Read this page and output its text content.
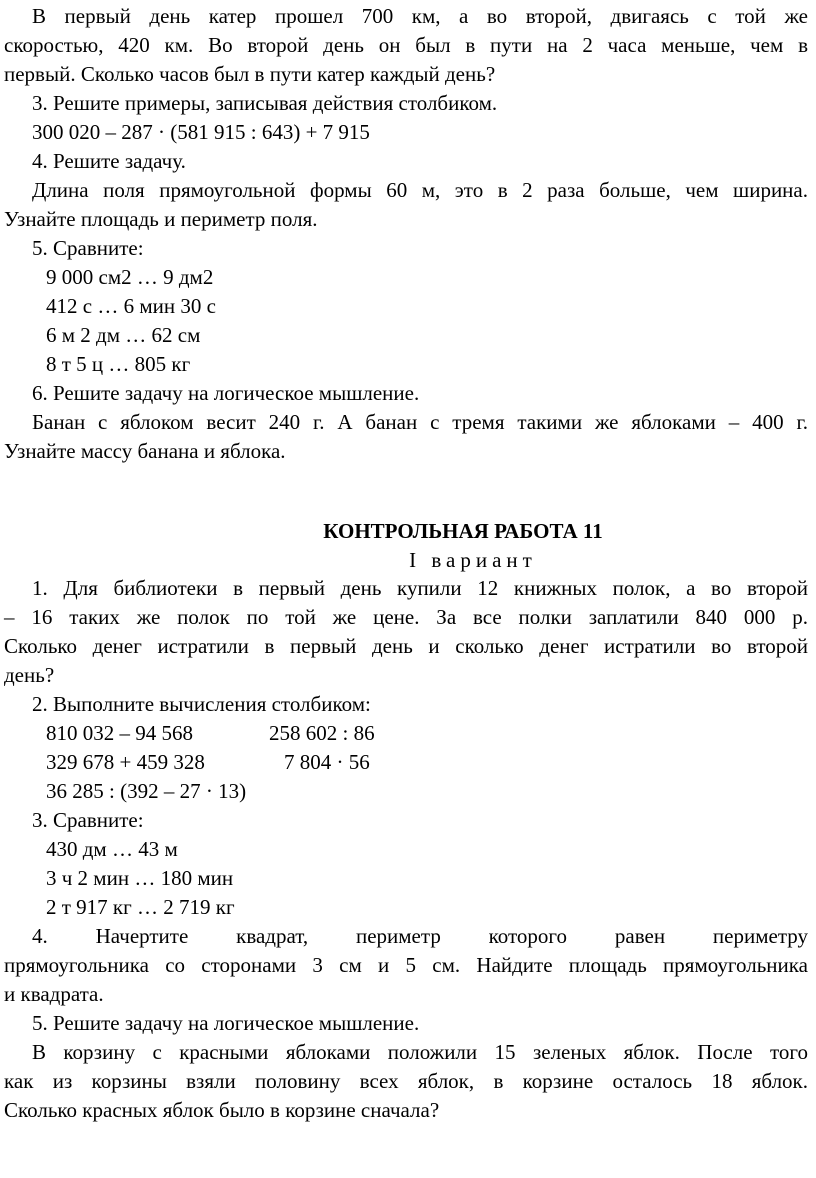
В первый день катер прошел 700 км, а во второй, двигаясь с той же
скоростью, 420 км. Во второй день он был в пути на 2 часа меньше, чем в
первый. Сколько часов был в пути катер каждый день?
3. Решите примеры, записывая действия столбиком.
300 020 – 287 · (581 915 : 643) + 7 915
4. Решите задачу.
Длина поля прямоугольной формы 60 м, это в 2 раза больше, чем ширина.
Узнайте площадь и периметр поля.
5. Сравните:
9 000 см2 … 9 дм2
412 с … 6 мин 30 с
6 м 2 дм … 62 см
8 т 5 ц … 805 кг
6. Решите задачу на логическое мышление.
Банан с яблоком весит 240 г. А банан с тремя такими же яблоками – 400 г.
Узнайте массу банана и яблока.
КОНТРОЛЬНАЯ РАБОТА 11
I вариант
1. Для библиотеки в первый день купили 12 книжных полок, а во второй
– 16 таких же полок по той же цене. За все полки заплатили 840 000 р.
Сколько денег истратили в первый день и сколько денег истратили во второй
день?
2. Выполните вычисления столбиком:
810 032 – 94 568	258 602 : 86
329 678 + 459 328	7 804 · 56
36 285 : (392 – 27 · 13)
3. Сравните:
430 дм … 43 м
3 ч 2 мин … 180 мин
2 т 917 кг … 2 719 кг
4. Начертите квадрат, периметр которого равен периметру
прямоугольника со сторонами 3 см и 5 см. Найдите площадь прямоугольника
и квадрата.
5. Решите задачу на логическое мышление.
В корзину с красными яблоками положили 15 зеленых яблок. После того
как из корзины взяли половину всех яблок, в корзине осталось 18 яблок.
Сколько красных яблок было в корзине сначала?
